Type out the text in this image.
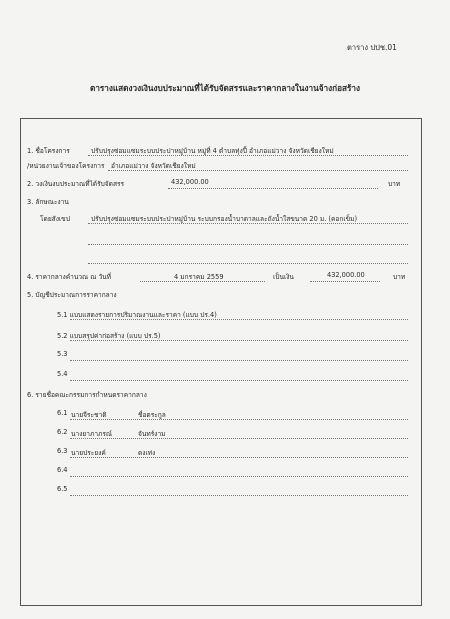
ตาราง ปปช.01
ตารางแสดงวงเงินงบประมาณที่ได้รับจัดสรรและราคากลางในงานจ้างก่อสร้าง
1. ชื่อโครงการ	ปรับปรุงซ่อมแซมระบบประปาหมู่บ้าน หมู่ที่ 4 ตำบลทุ่งปี้ อำเภอแม่วาง จังหวัดเชียงใหม่
/หน่วยงานเจ้าของโครงการ อำเภอแม่วาง จังหวัดเชียงใหม่
2. วงเงินงบประมาณที่ได้รับจัดสรร	432,000.00	บาท
3. ลักษณะงาน
โดยสังเขป	ปรับปรุงซ่อมแซมระบบประปาหมู่บ้าน ระบบกรองน้ำบาดาลและถังน้ำใสขนาด 20 ม. (คอกเข็ม)
4. ราคากลางคำนวณ ณ วันที่	4 มกราคม 2559	เป็นเงิน	432,000.00	บาท
5. บัญชีประมาณการราคากลาง
5.1 แบบแสดงรายการปริมาณงานและราคา (แบบ ปร.4)
5.2 แบบสรุปค่าก่อสร้าง (แบบ ปร.5)
5.3
5.4
6. รายชื่อคณะกรรมการกำหนดราคากลาง
6.1 นายจีระชาติ	ชื่อตระกูล
6.2 นางยาภาภรณ์	จันทร์งาม
6.3 นายประยงค์	ดงเท่ง
6.4
6.5
